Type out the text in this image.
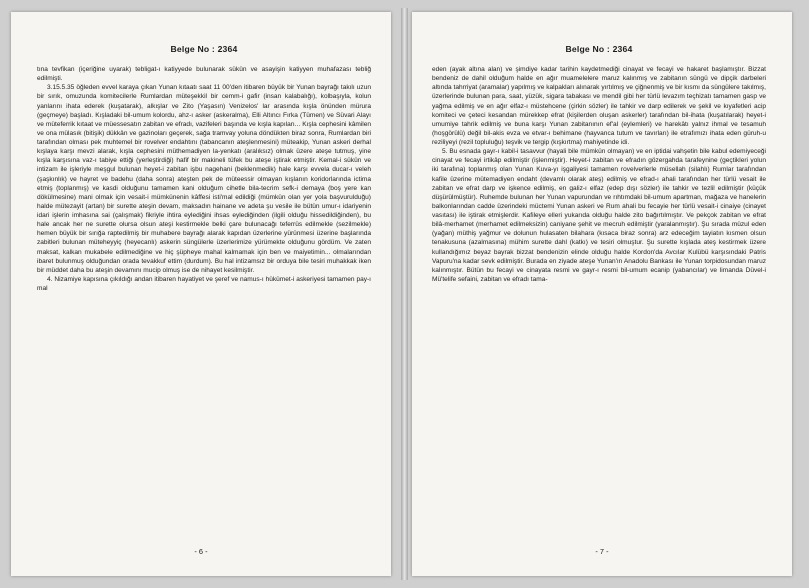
Belge No : 2364

tına tevfikan (içeriğine uyarak) tebligat-ı katiyyede bulunarak sükûn ve asayişin katiyyen muhafazası tebliğ edilmişti.

3.15.5.35 öğleden evvel karaya çıkan Yunan kıtaatı saat 11 00'den itibaren büyük bir Yunan bayrağı takılı uzun bir sırık, omuzunda komitecilerle Rumlardan müteşekkil bir cemm-i gafir (insan kalabalığı), kolbaşıyla, kolun yanlarını ihata ederek (kuşatarak), alkışlar ve Zito (Yaşasın) Venizelos' lar arasında kışla önünden mürura (geçmeye) başladı. Kışladaki bil-umum kolordu, ahz-ı asker (askeralma), Elli Altıncı Fırka (Tümen) ve Süvari Alayı ve müteferrik kıtaat ve müessesatın zabitan ve efradı, vazifeleri başında ve kışla kapıları... Kışla cephesini kâmilen ve ona mülasık (bitişik) dükkân ve gazinoları geçerek, sağa tramvay yoluna döndükten biraz sonra, Rumlardan biri tarafından olması pek muhtemel bir rovelver endahtını (tabancanın ateşlenmesini) müteakip, Yunan askeri derhal kışlaya karşı mevzi alarak, kışla cephesini müthemadiyen la-yenkatı (aralıksız) olmak üzere ateşe tutmuş, yine kışla karşısına vaz-ı tabiye ettiği (yerleştirdiği) hafif bir makineli tüfek bu ateşe iştirak etmiştir. Kemal-i sükûn ve intizam ile işleriyle meşgul bulunan heyet-i zabitan işbu nagehani (beklenmedik) hale karşı evvela ducar-ı veleh (şaşkınlık) ve hayret ve badehu (daha sonra) ateşten pek de müteessir olmayan kışlanın koridorlarında ictima etmiş (toplanmış) ve kasdi olduğunu tamamen kani olduğum cihetle bila-tecrim sefk-i demaya (boş yere kan dökülmesine) mani olmak için vesait-i mümkünenin kâffesi isti'mal edildiği (mümkün olan yer yola başvurulduğu) halde mütezayit (artan) bir surette ateşin devam, maksadın hainane ve adeta şu vesile ile bütün umur-ı idariyenin idari işlerin imhasına sai (çalışmak) fikriyle ihtira eylediğini ihsas eylediğinden (ilgili olduğu hissedildiğinden), bu hale ancak her ne surette olursa olsun ateşi kestirmekle belki çare bulunacağı teferrüs edilmekle (sezilmekle) hemen büyük bir sırığa raptedilmiş bir muhabere bayrağı alarak kapıdan üzerlerine yürünmesi üzerine başlarında zabitleri bulunan müteheyyiç (heyecanlı) askerin süngülerle üzerlerimize yürümekte olduğunu gördüm. Ve zaten maksat, kalkan mukabele edilmediğine ve hiç şüpheye mahal kalmamak için ben ve maiyetimin... olmalarından ibaret bulunmuş olduğundan orada tevakkuf ettim (durdum). Bu hal intizamsız bir orduya bile tesiri muhakkak iken bir müddet daha bu ateşin devamını mucip olmuş ise de nihayet kesilmiştir.

4. Nizamiye kapısına çıkıldığı andan itibaren hayatiyet ve şeref ve namus-ı hükümet-i askeriyesi tamamen pay-ı mal

- 6 -
Belge No : 2364

eden (ayak altına alan) ve şimdiye kadar tarihin kaydetmediği cinayat ve fecayi ve hakaret başlamıştır. Bizzat bendeniz de dahil olduğum halde en ağır muamelelere maruz kalınmış ve zabitanın süngü ve dipçik darbeleri altında tahrriyat (aramalar) yapılmış ve kalpakları alınarak yırtılmış ve çiğnenmiş ve bir kısmı da süngülere takılmış, üzerlerinde bulunan para, saat, yüzük, sigara tabakası ve mendil gibi her türlü levazım teçhizatı tamamen gasp ve yağma edilmiş ve en ağır elfaz-ı müstehcene (çirkin sözler) ile tahkir ve darp edilerek ve şekil ve kıyafetleri acip komiteci ve çeteci kesandan mürekkep efrat (kişilerden oluşan askerler) tarafından bil-ihata (kuşatılarak) heyet-i umumiye tahrik edilmiş ve buna karşı Yunan zabitanının ef'al (eylemleri) ve harekâtı yalnız ihmal ve tesamuh (hoşgörülü) değil bil-akis evza ve etvar-ı behimane (hayvanca tutum ve tavırları) ile etrafımızı ihata eden güruh-u reziliyeyi (rezil topluluğu) teşvik ve tergip (kışkırtma) mahiyetinde idi.

5. Bu esnada gayr-ı kabil-i tasavvur (hayali bile mümkün olmayan) ve en iptidai vahşetin bile kabul edemiyeceği cinayat ve fecayi irtikâp edilmiştir (işlenmiştir). Heyet-i zabitan ve efradın gözergahda tarafeynine (geçtikleri yolun iki tarafına) toplanmış olan Yunan Kuva-yı işgaliyesi tamamen rovelverlerle müsellah (silahlı) Rumlar tarafından kafile üzerine mütemadiyen endaht (devamlı olarak ateş) edilmiş ve efrad-ı ahali tarafından her türlü vesait ile zabitan ve efrat darp ve işkence edilmiş, en galiz-ı elfaz (edep dışı sözler) ile tahkir ve tezlil edilmiştir (küçük düşürülmüştür). Ruhemde bulunan her Yunan vapurundan ve rıhtımdaki bil-umum apartman, mağaza ve hanelerin balkonlarından cadde üzerindeki müctemi Yunan askeri ve Rum ahali bu fecayie her türlü vesait-i cinaiye (cinayet vasıtası) ile iştirak etmişlerdir. Kafileye elleri yukarıda olduğu halde zito bağırtılmıştır. Ve pekçok zabitan ve efrat bilâ-merhamet (merhamet edilmeksizin) caniyane şehit ve mecruh edilmiştir (yaralanmıştır). Şu sırada müzul eden (yağan) müthiş yağmur ve dolunun hulasaten bilahara (kısaca biraz sonra) arz edeceğim tayiatın kısmen olsun tenakusuna (azalmasına) mühim surette dahl (katkı) ve tesiri olmuştur. Şu surette kışlada ateş kestirmek üzere kullandığımız beyaz bayrak bizzat bendenizin elinde olduğu halde Kordon'da Avcılar Kulübü karşısındaki Patris Vapuru'na kadar sevk edilmiştir. Burada en ziyade ateşe Yunan'ın Anadolu Bankası ile Yunan torpidosundan maruz kalınmıştır. Bütün bu fecayi ve cinayata resmi ve gayr-ı resmi bil-umum ecanip (yabancılar) ve limanda Düvel-i Mü'telife sefaini, zabitan ve efradı tama-

- 7 -
